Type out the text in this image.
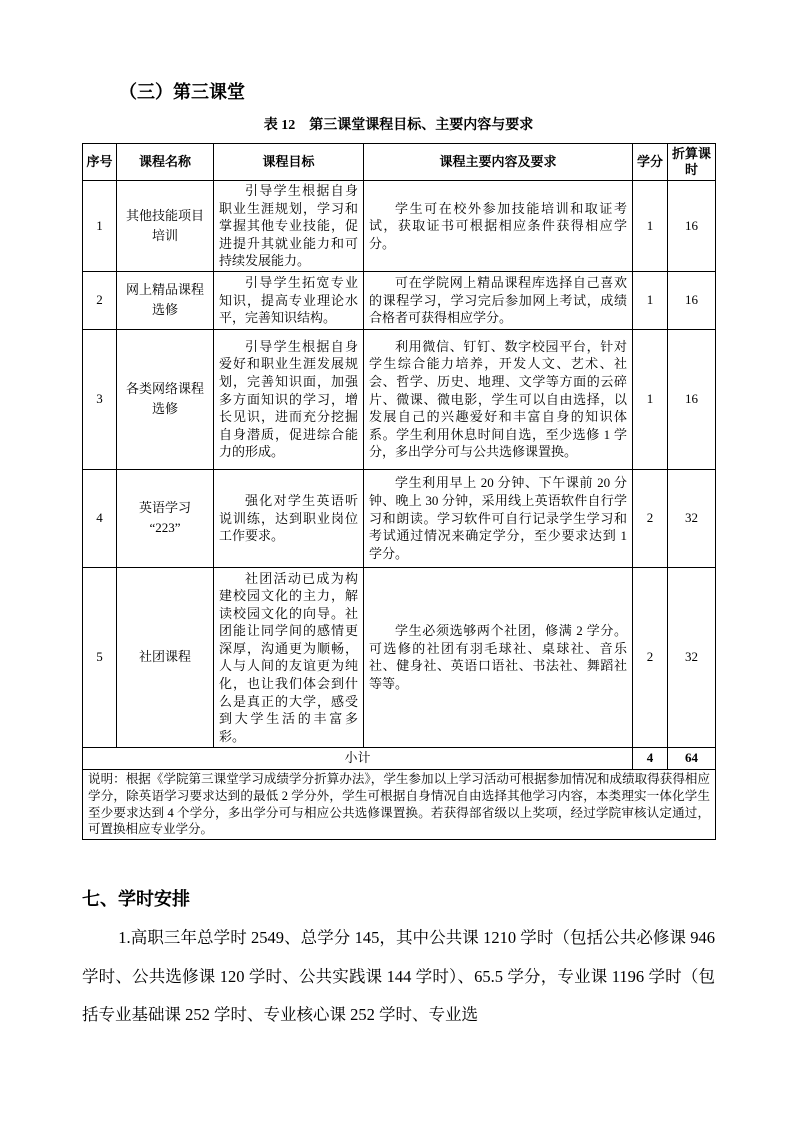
（三）第三课堂
表 12　第三课堂课程目标、主要内容与要求
序号	课程名称	课程目标	课程主要内容及要求	学分	折算课时
1	其他技能项目培训	引导学生根据自身职业生涯规划，学习和掌握其他专业技能，促进提升其就业能力和可持续发展能力。	学生可在校外参加技能培训和取证考试，获取证书可根据相应条件获得相应学分。	1	16
2	网上精品课程选修	引导学生拓宽专业知识，提高专业理论水平，完善知识结构。	可在学院网上精品课程库选择自己喜欢的课程学习，学习完后参加网上考试，成绩合格者可获得相应学分。	1	16
3	各类网络课程选修	引导学生根据自身爱好和职业生涯发展规划，完善知识面，加强多方面知识的学习，增长见识，进而充分挖掘自身潜质，促进综合能力的形成。	利用微信、钉钉、数字校园平台，针对学生综合能力培养，开发人文、艺术、社会、哲学、历史、地理、文学等方面的云碎片、微课、微电影，学生可以自由选择，以发展自己的兴趣爱好和丰富自身的知识体系。学生利用休息时间自选，至少选修 1 学分，多出学分可与公共选修课置换。	1	16
4	英语学习 “223”	强化对学生英语听说训练，达到职业岗位工作要求。	学生利用早上 20 分钟、下午课前 20 分钟、晚上 30 分钟，采用线上英语软件自行学习和朗读。学习软件可自行记录学生学习和考试通过情况来确定学分，至少要求达到 1 学分。	2	32
5	社团课程	社团活动已成为构建校园文化的主力，解读校园文化的向导。社团能让同学间的感情更深厚，沟通更为顺畅，人与人间的友谊更为纯化，也让我们体会到什么是真正的大学，感受到大学生活的丰富多彩。	学生必须选够两个社团，修满 2 学分。可选修的社团有羽毛球社、桌球社、音乐社、健身社、英语口语社、书法社、舞蹈社等等。	2	32
小计				4	64
说明：根据《学院第三课堂学习成绩学分折算办法》，学生参加以上学习活动可根据参加情况和成绩取得获得相应学分，除英语学习要求达到的最低 2 学分外，学生可根据自身情况自由选择其他学习内容，本类理实一体化学生至少要求达到 4 个学分，多出学分可与相应公共选修课置换。若获得部省级以上奖项，经过学院审核认定通过，可置换相应专业学分。					
七、学时安排

1.高职三年总学时 2549、总学分 145，其中公共课 1210 学时（包括公共必修课 946 学时、公共选修课 120 学时、公共实践课 144 学时）、65.5 学分，专业课 1196 学时（包括专业基础课 252 学时、专业核心课 252 学时、专业选
